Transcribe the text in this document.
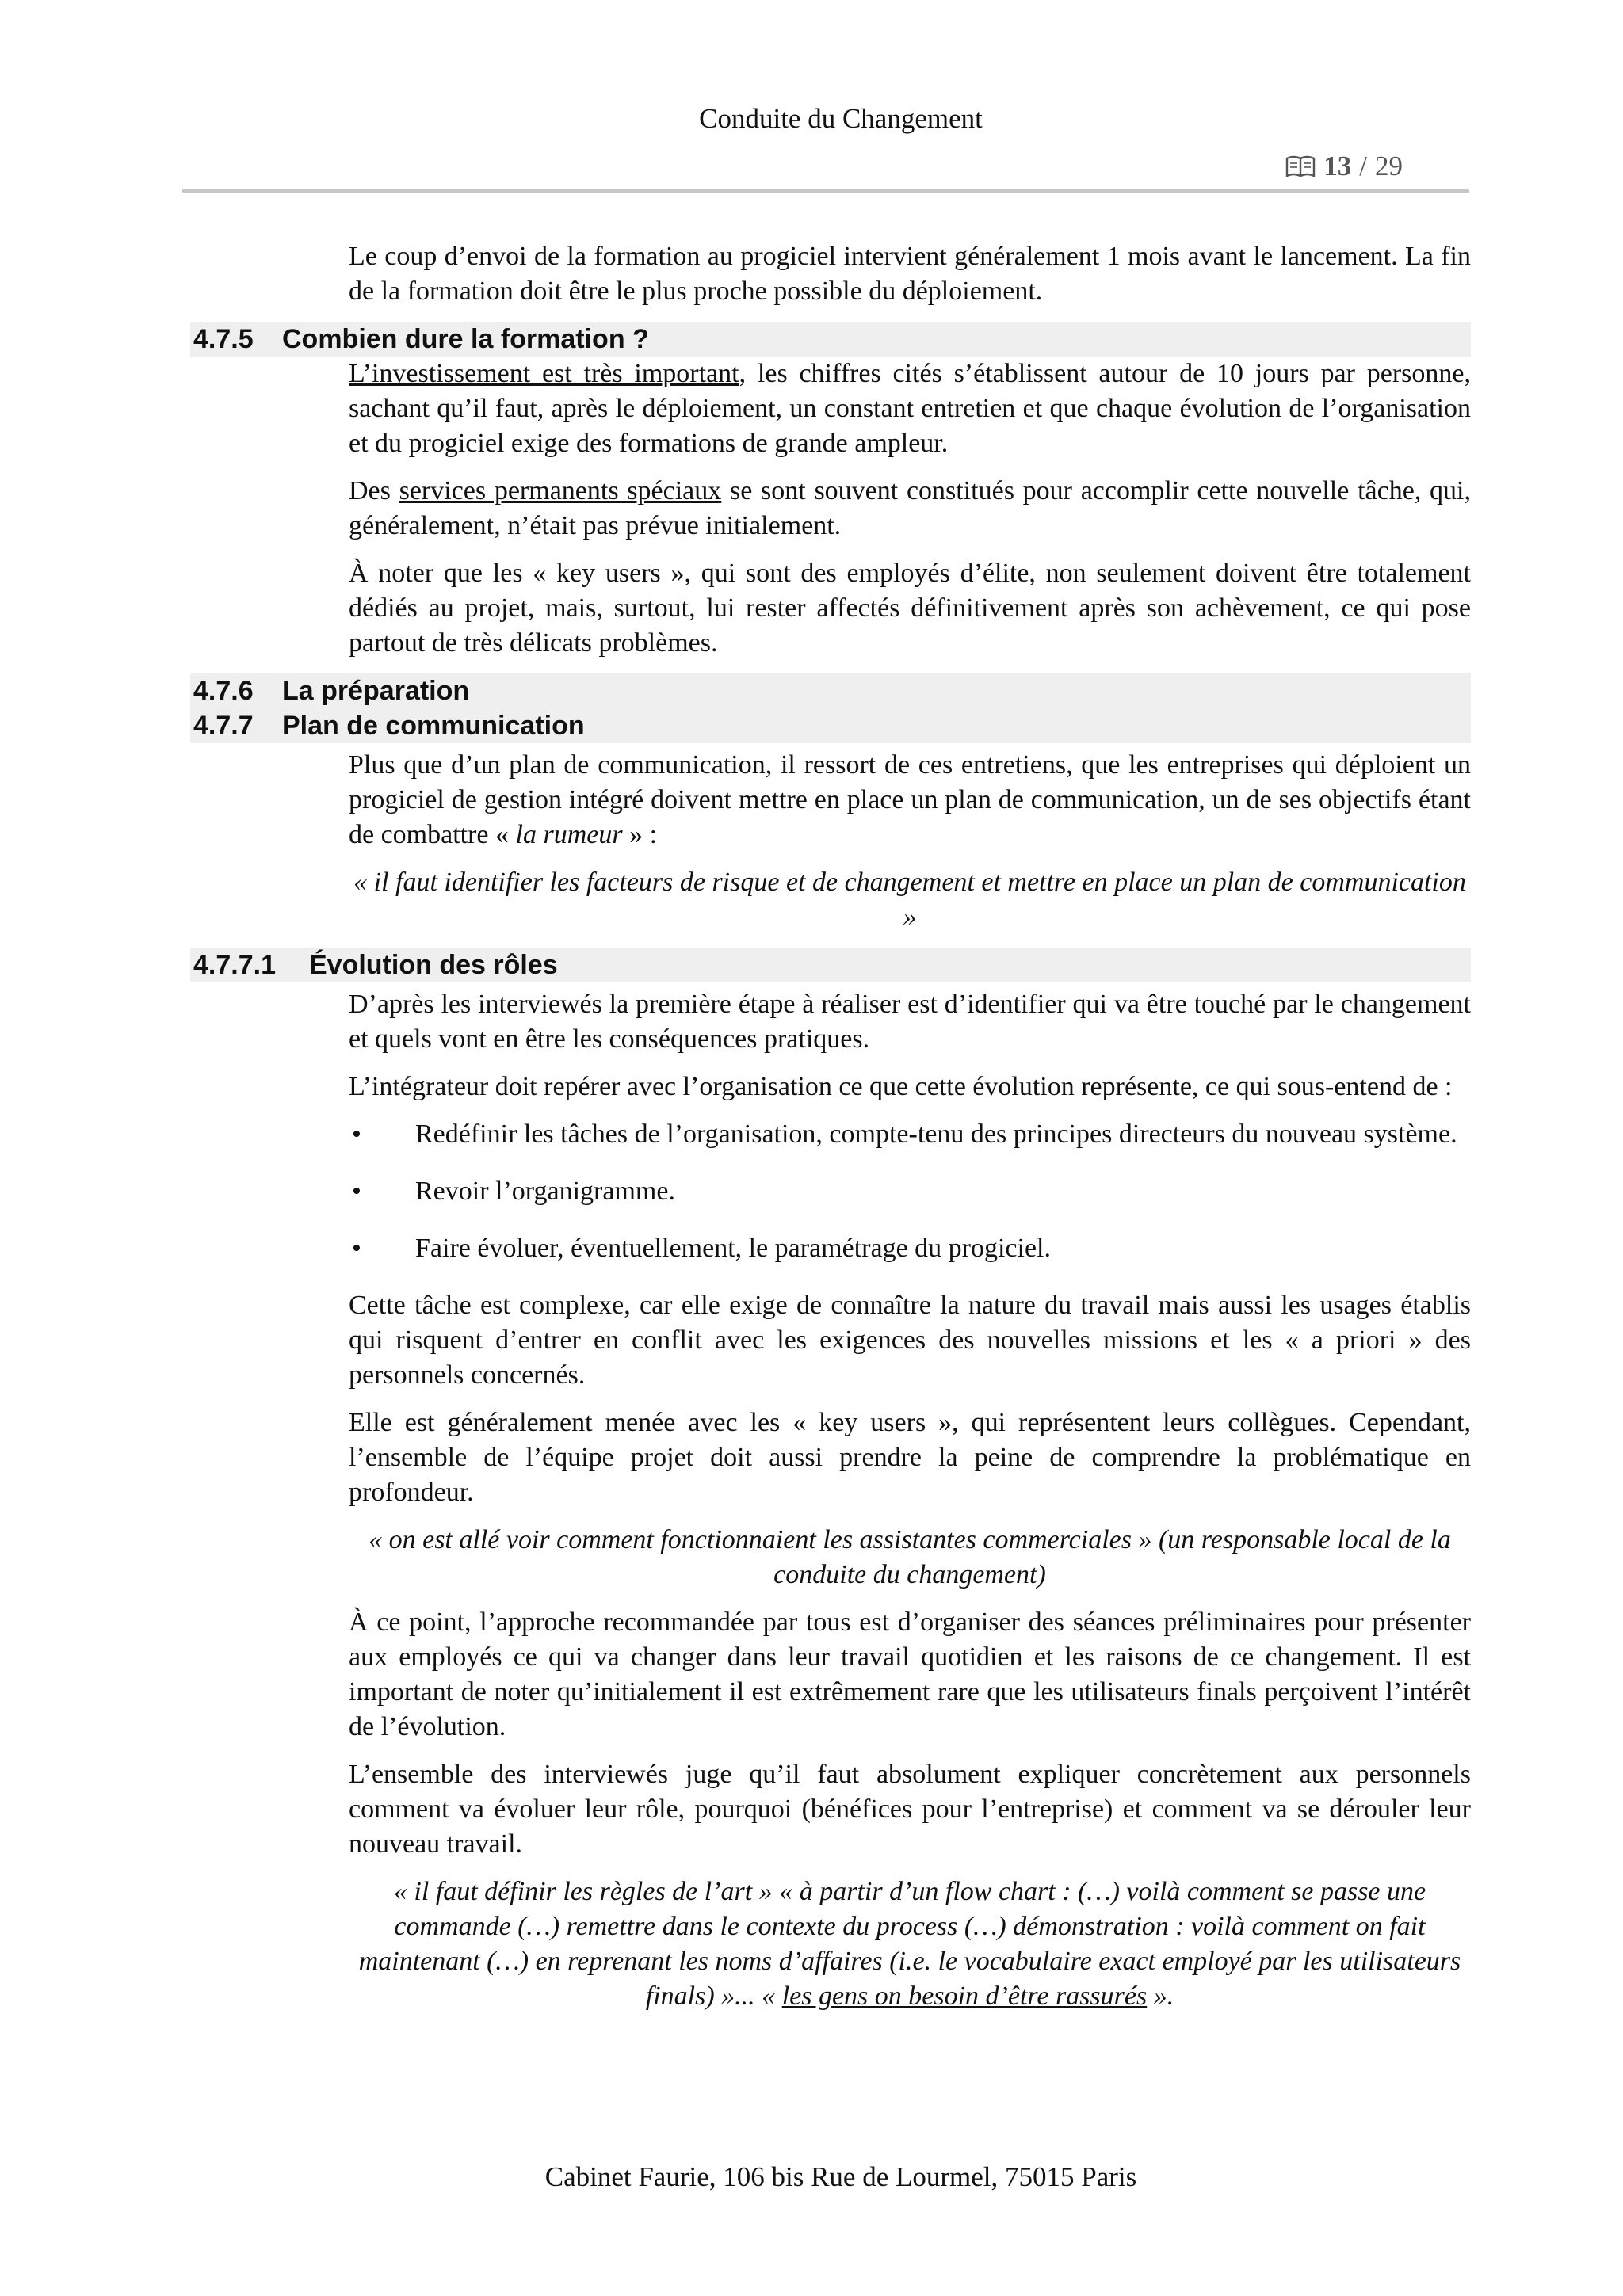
Conduite du Changement
13 / 29

Le coup d’envoi de la formation au progiciel intervient généralement 1 mois avant le lancement. La fin de la formation doit être le plus proche possible du déploiement.

4.7.5	Combien dure la formation ?

L’investissement est très important, les chiffres cités s’établissent autour de 10 jours par personne, sachant qu’il faut, après le déploiement, un constant entretien et que chaque évolution de l’organisation et du progiciel exige des formations de grande ampleur.

Des services permanents spéciaux se sont souvent constitués pour accomplir cette nouvelle tâche, qui, généralement, n’était pas prévue initialement.

À noter que les « key users », qui sont des employés d’élite, non seulement doivent être totalement dédiés au projet, mais, surtout, lui rester affectés définitivement après son achèvement, ce qui pose partout de très délicats problèmes.

4.7.6	La préparation
4.7.7	Plan de communication

Plus que d’un plan de communication, il ressort de ces entretiens, que les entreprises qui déploient un progiciel de gestion intégré doivent mettre en place un plan de communication, un de ses objectifs étant de combattre « la rumeur » :

« il faut identifier les facteurs de risque et de changement et mettre en place un plan de communication »

4.7.7.1	Évolution des rôles

D’après les interviewés la première étape à réaliser est d’identifier qui va être touché par le changement et quels vont en être les conséquences pratiques.

L’intégrateur doit repérer avec l’organisation ce que cette évolution représente, ce qui sous-entend de :

•	Redéfinir les tâches de l’organisation, compte-tenu des principes directeurs du nouveau système.
•	Revoir l’organigramme.
•	Faire évoluer, éventuellement, le paramétrage du progiciel.

Cette tâche est complexe, car elle exige de connaître la nature du travail mais aussi les usages établis qui risquent d’entrer en conflit avec les exigences des nouvelles missions et les « a priori » des personnels concernés.

Elle est généralement menée avec les « key users », qui représentent leurs collègues. Cependant, l’ensemble de l’équipe projet doit aussi prendre la peine de comprendre la problématique en profondeur.

« on est allé voir comment fonctionnaient les assistantes commerciales » (un responsable local de la conduite du changement)

À ce point, l’approche recommandée par tous est d’organiser des séances préliminaires pour présenter aux employés ce qui va changer dans leur travail quotidien et les raisons de ce changement. Il est important de noter qu’initialement il est extrêmement rare que les utilisateurs finals perçoivent l’intérêt de l’évolution.

L’ensemble des interviewés juge qu’il faut absolument expliquer concrètement aux personnels comment va évoluer leur rôle, pourquoi (bénéfices pour l’entreprise) et comment va se dérouler leur nouveau travail.

« il faut définir les règles de l’art » « à partir d’un flow chart : (…) voilà comment se passe une commande (…) remettre dans le contexte du process (…) démonstration : voilà comment on fait maintenant (…) en reprenant les noms d’affaires (i.e. le vocabulaire exact employé par les utilisateurs finals) »... « les gens on besoin d’être rassurés ».

Cabinet Faurie, 106 bis Rue de Lourmel, 75015 Paris
